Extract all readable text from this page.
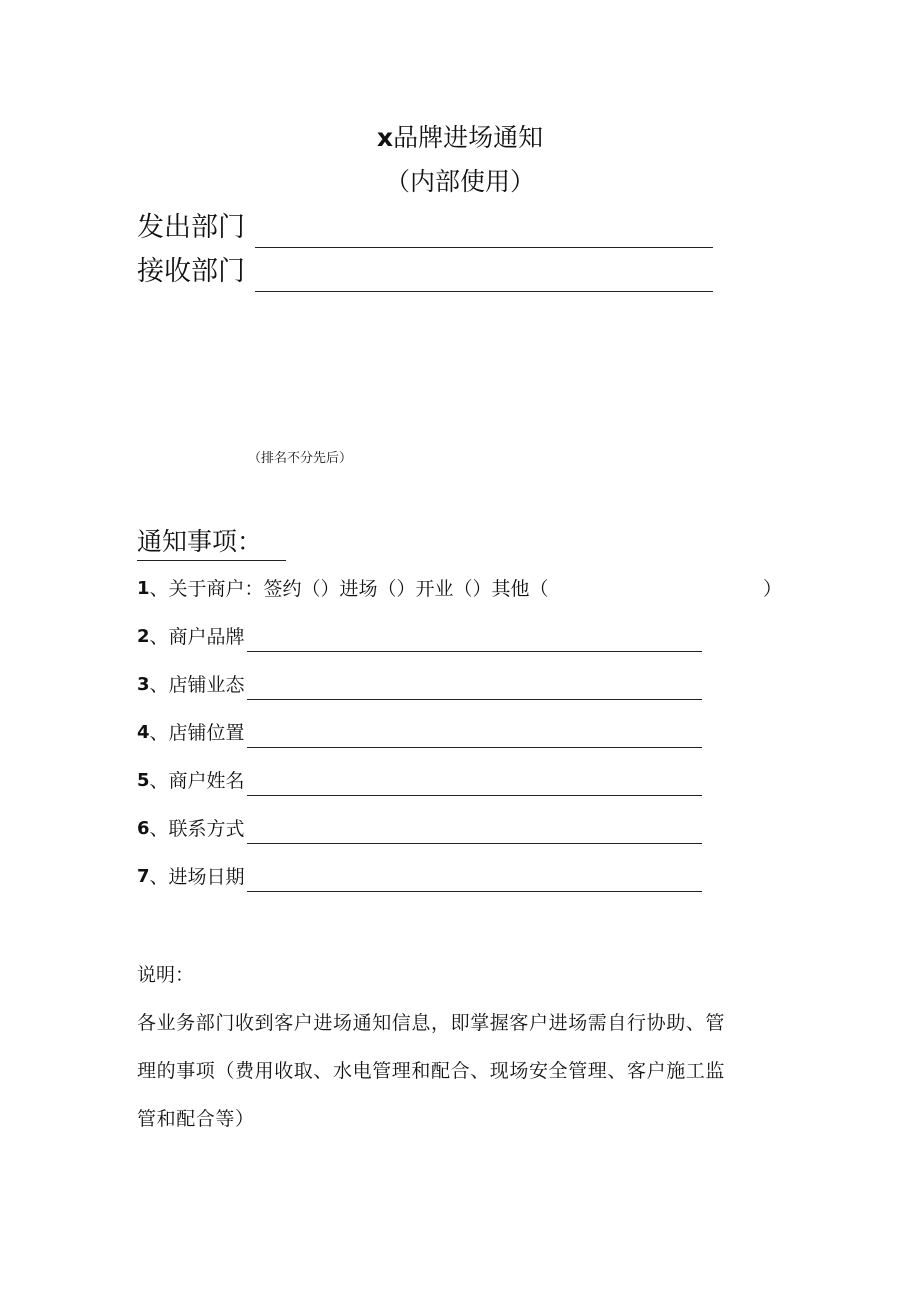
x品牌进场通知
（内部使用）
发出部门
接收部门
（排名不分先后）
通知事项：
1 、 关于商户：签约（）进场（）开业（）其他（	）
2 、 商户品牌
3 、 店铺业态
4 、 店铺位置
5 、 商户姓名
6 、 联系方式
7 、 进场日期
说明：
各业务部门收到客户进场通知信息，即掌握客户进场需自行协助、管
理的事项（费用收取、水电管理和配合、现场安全管理、客户施工监
管和配合等）
